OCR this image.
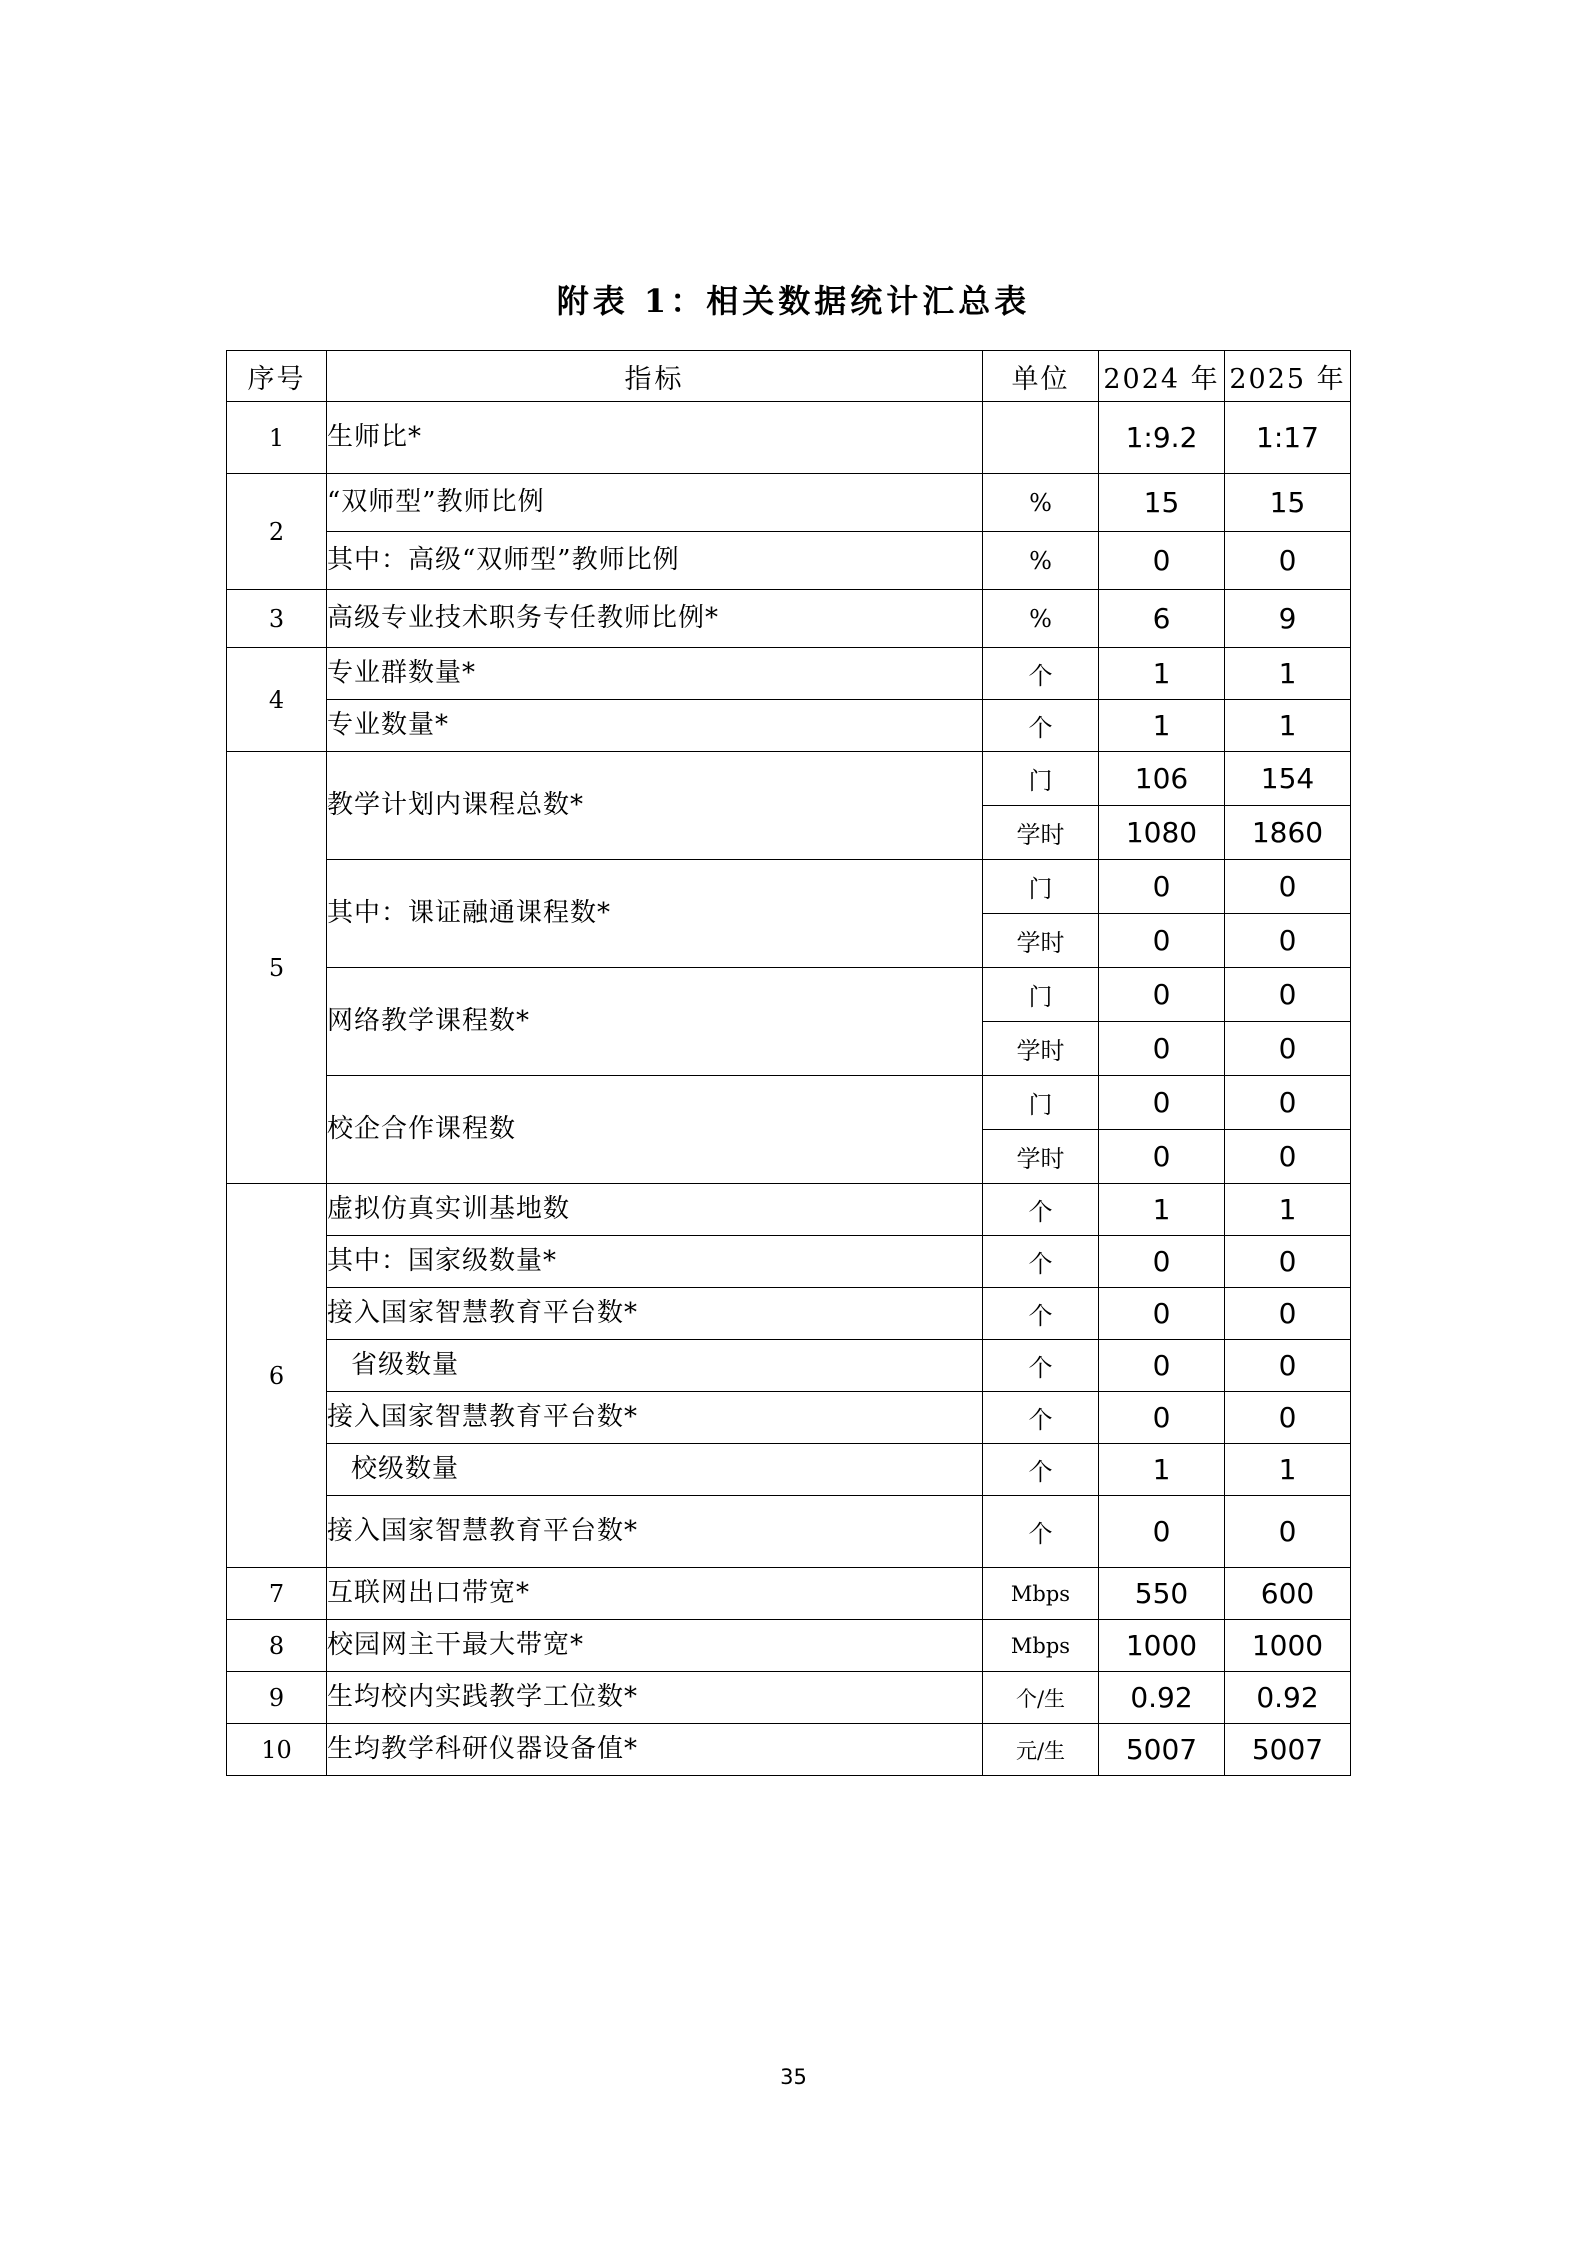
附表 1：相关数据统计汇总表
序号	指标	单位	2024 年	2025 年
1	生师比*		1:9.2	1:17
2	“双师型”教师比例	%	15	15
	其中：高级“双师型”教师比例	%	0	0
3	高级专业技术职务专任教师比例*	%	6	9
4	专业群数量*	个	1	1
	专业数量*	个	1	1
5	教学计划内课程总数*	门	106	154
		学时	1080	1860
	其中：课证融通课程数*	门	0	0
		学时	0	0
	网络教学课程数*	门	0	0
		学时	0	0
	校企合作课程数	门	0	0
		学时	0	0
6	虚拟仿真实训基地数	个	1	1
	其中：国家级数量*	个	0	0
	接入国家智慧教育平台数*	个	0	0
	省级数量	个	0	0
	接入国家智慧教育平台数*	个	0	0
	校级数量	个	1	1
	接入国家智慧教育平台数*	个	0	0
7	互联网出口带宽*	Mbps	550	600
8	校园网主干最大带宽*	Mbps	1000	1000
9	生均校内实践教学工位数*	个/生	0.92	0.92
10	生均教学科研仪器设备值*	元/生	5007	5007
35
